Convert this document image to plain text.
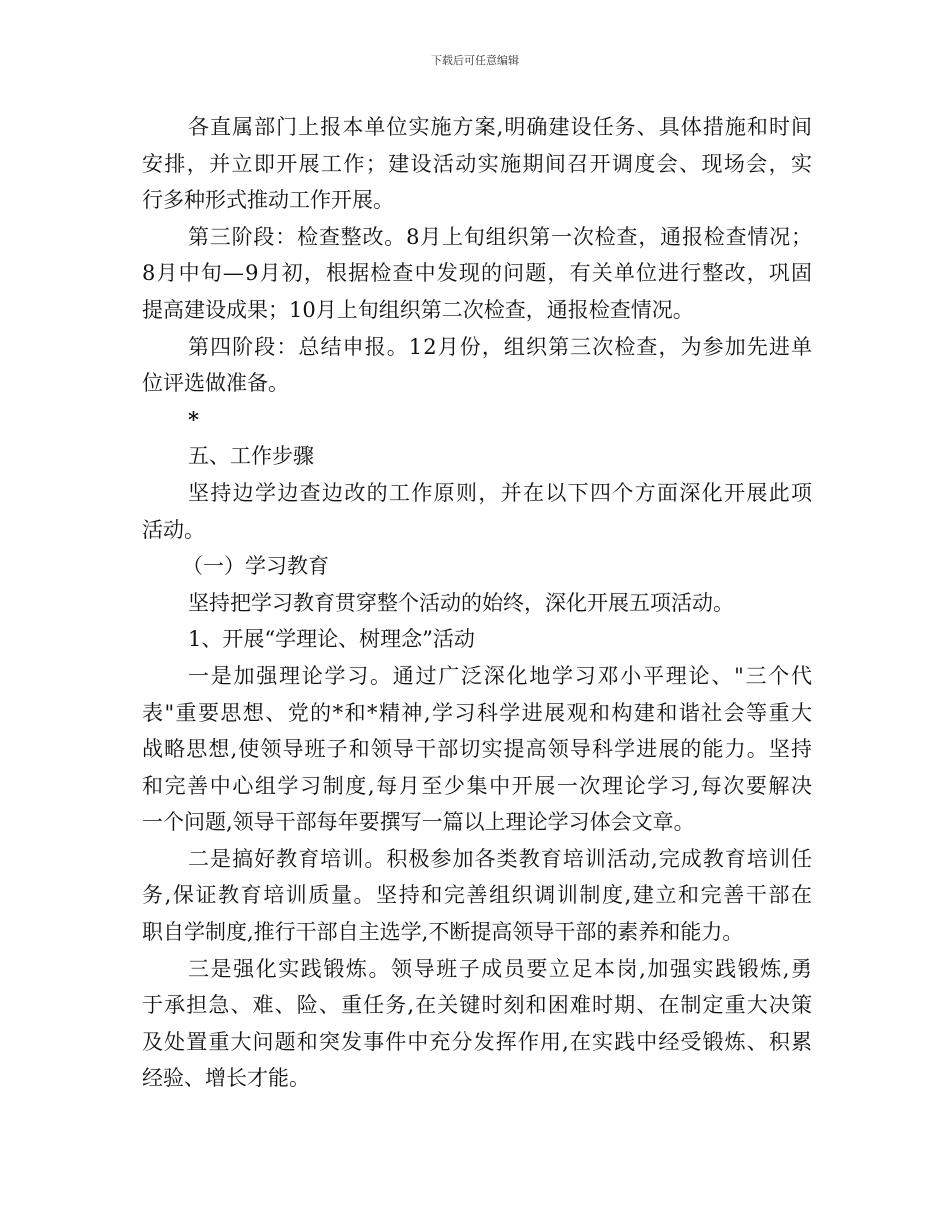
下载后可任意编辑
各直属部门上报本单位实施方案,明确建设任务、具体措施和时间
安排，并立即开展工作；建设活动实施期间召开调度会、现场会，实
行多种形式推动工作开展。
第三阶段：检查整改。8月上旬组织第一次检查，通报检查情况；
8月中旬—9月初，根据检查中发现的问题，有关单位进行整改，巩固
提高建设成果；10月上旬组织第二次检查，通报检查情况。
第四阶段：总结申报。12月份，组织第三次检查，为参加先进单
位评选做准备。
*
五、工作步骤
坚持边学边查边改的工作原则，并在以下四个方面深化开展此项
活动。
（一）学习教育
坚持把学习教育贯穿整个活动的始终，深化开展五项活动。
1、开展“学理论、树理念”活动
一是加强理论学习。通过广泛深化地学习邓小平理论、"三个代
表"重要思想、党的*和*精神,学习科学进展观和构建和谐社会等重大
战略思想,使领导班子和领导干部切实提高领导科学进展的能力。坚持
和完善中心组学习制度,每月至少集中开展一次理论学习,每次要解决
一个问题,领导干部每年要撰写一篇以上理论学习体会文章。
二是搞好教育培训。积极参加各类教育培训活动,完成教育培训任
务,保证教育培训质量。坚持和完善组织调训制度,建立和完善干部在
职自学制度,推行干部自主选学,不断提高领导干部的素养和能力。
三是强化实践锻炼。领导班子成员要立足本岗,加强实践锻炼,勇
于承担急、难、险、重任务,在关键时刻和困难时期、在制定重大决策
及处置重大问题和突发事件中充分发挥作用,在实践中经受锻炼、积累
经验、增长才能。
